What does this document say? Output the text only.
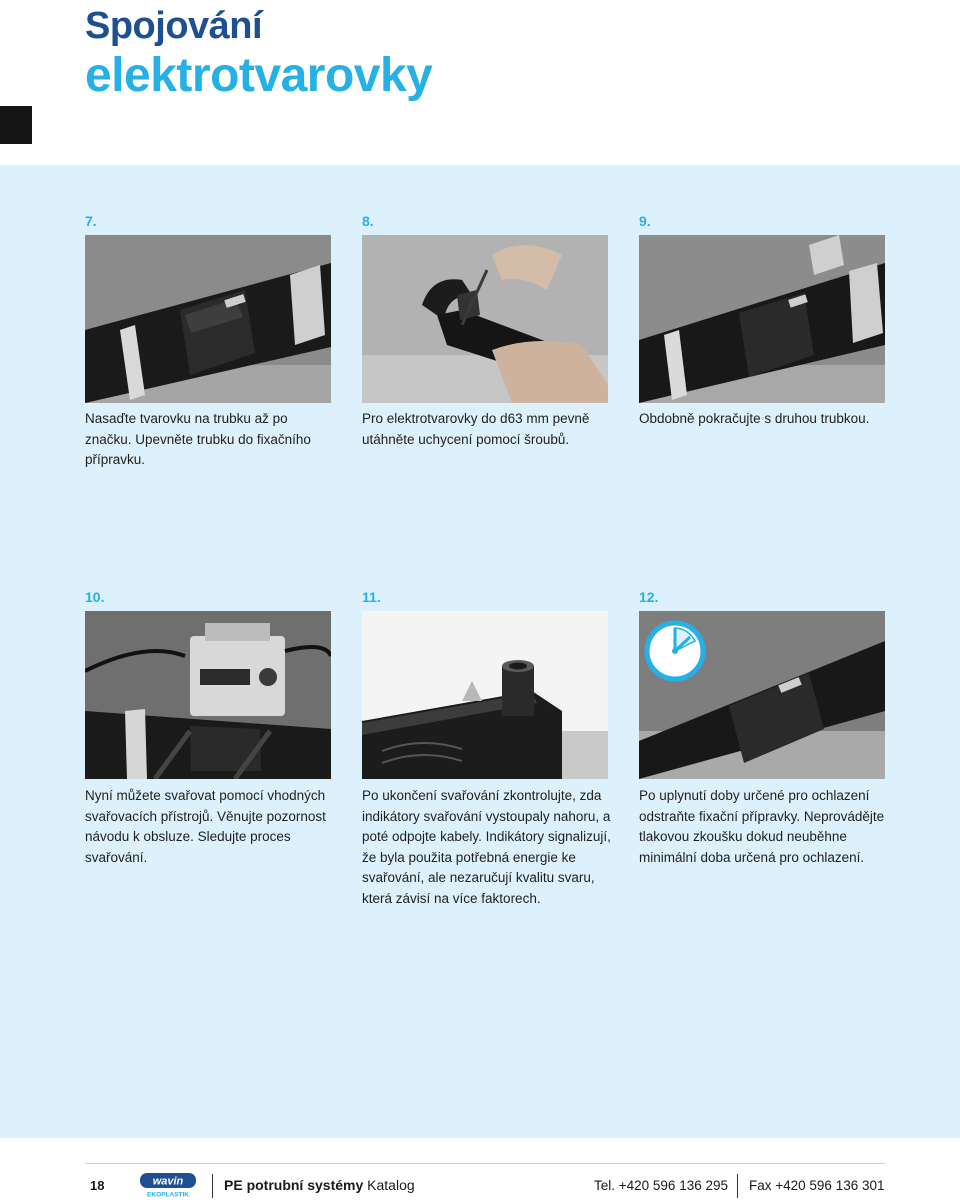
Spojování
elektrotvarovky
7.

Nasaďte tvarovku na trubku až po značku. Upevněte trubku do fixačního přípravku.

8.

Pro elektrotvarovky do d63 mm pevně utáhněte uchycení pomocí šroubů.

9.

Obdobně pokračujte s druhou trubkou.

10.

Nyní můžete svařovat pomocí vhodných svařovacích přístrojů. Věnujte pozornost návodu k obsluze. Sledujte proces svařování.

11.

Po ukončení svařování zkontrolujte, zda indikátory svařování vystoupaly nahoru, a poté odpojte kabely. Indikátory signalizují, že byla použita potřebná energie ke svařování, ale nezaručují kvalitu svaru, která závisí na více faktorech.

12.

Po uplynutí doby určené pro ochlazení odstraňte fixační přípravky. Neprovádějte tlakovou zkoušku dokud neuběhne minimální doba určená pro ochlazení.

18	wavin
EKOPLASTIK
PE potrubní systémy Katalog	Tel. +420 596 136 295 Fax +420 596 136 301
